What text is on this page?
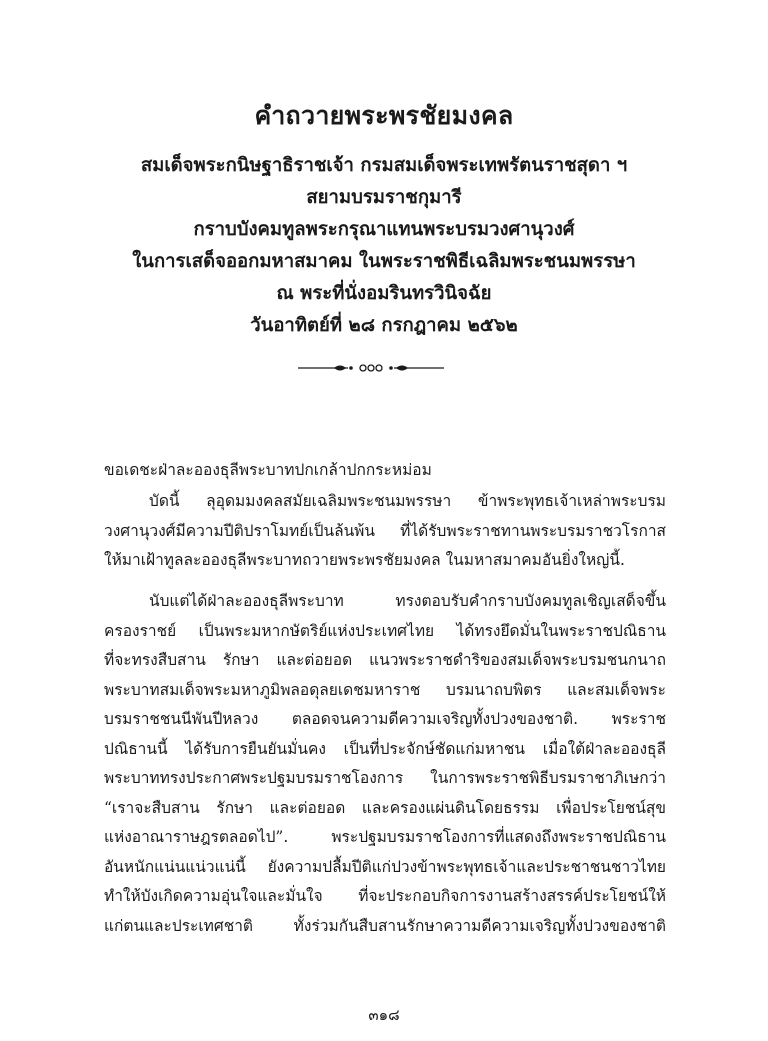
คำถวายพระพรชัยมงคล
สมเด็จพระกนิษฐาธิราชเจ้า กรมสมเด็จพระเทพรัตนราชสุดา ฯ
สยามบรมราชกุมารี
กราบบังคมทูลพระกรุณาแทนพระบรมวงศานุวงศ์
ในการเสด็จออกมหาสมาคม ในพระราชพิธีเฉลิมพระชนมพรรษา
ณ พระที่นั่งอมรินทรวินิจฉัย
วันอาทิตย์ที่ ๒๘ กรกฎาคม ๒๕๖๒
ขอเดชะฝ่าละอองธุลีพระบาทปกเกล้าปกกระหม่อม
บัดนี้ ลุอุดมมงคลสมัยเฉลิมพระชนมพรรษา ข้าพระพุทธเจ้าเหล่าพระบรม
วงศานุวงศ์มีความปีติปราโมทย์เป็นล้นพ้น ที่ได้รับพระราชทานพระบรมราชวโรกาส
ให้มาเฝ้าทูลละอองธุลีพระบาทถวายพระพรชัยมงคล ในมหาสมาคมอันยิ่งใหญ่นี้.
นับแต่ได้ฝ่าละอองธุลีพระบาท ทรงตอบรับคำกราบบังคมทูลเชิญเสด็จขึ้น
ครองราชย์ เป็นพระมหากษัตริย์แห่งประเทศไทย ได้ทรงยึดมั่นในพระราชปณิธาน
ที่จะทรงสืบสาน รักษา และต่อยอด แนวพระราชดำริของสมเด็จพระบรมชนกนาถ
พระบาทสมเด็จพระมหาภูมิพลอดุลยเดชมหาราช บรมนาถบพิตร และสมเด็จพระ
บรมราชชนนีพันปีหลวง ตลอดจนความดีความเจริญทั้งปวงของชาติ. พระราช
ปณิธานนี้ ได้รับการยืนยันมั่นคง เป็นที่ประจักษ์ชัดแก่มหาชน เมื่อใต้ฝ่าละอองธุลี
พระบาททรงประกาศพระปฐมบรมราชโองการ ในการพระราชพิธีบรมราชาภิเษกว่า
“เราจะสืบสาน รักษา และต่อยอด และครองแผ่นดินโดยธรรม เพื่อประโยชน์สุข
แห่งอาณาราษฎรตลอดไป”. พระปฐมบรมราชโองการที่แสดงถึงพระราชปณิธาน
อันหนักแน่นแน่วแน่นี้ ยังความปลื้มปีติแก่ปวงข้าพระพุทธเจ้าและประชาชนชาวไทย
ทำให้บังเกิดความอุ่นใจและมั่นใจ ที่จะประกอบกิจการงานสร้างสรรค์ประโยชน์ให้
แก่ตนและประเทศชาติ ทั้งร่วมกันสืบสานรักษาความดีความเจริญทั้งปวงของชาติ
๓๑๘
